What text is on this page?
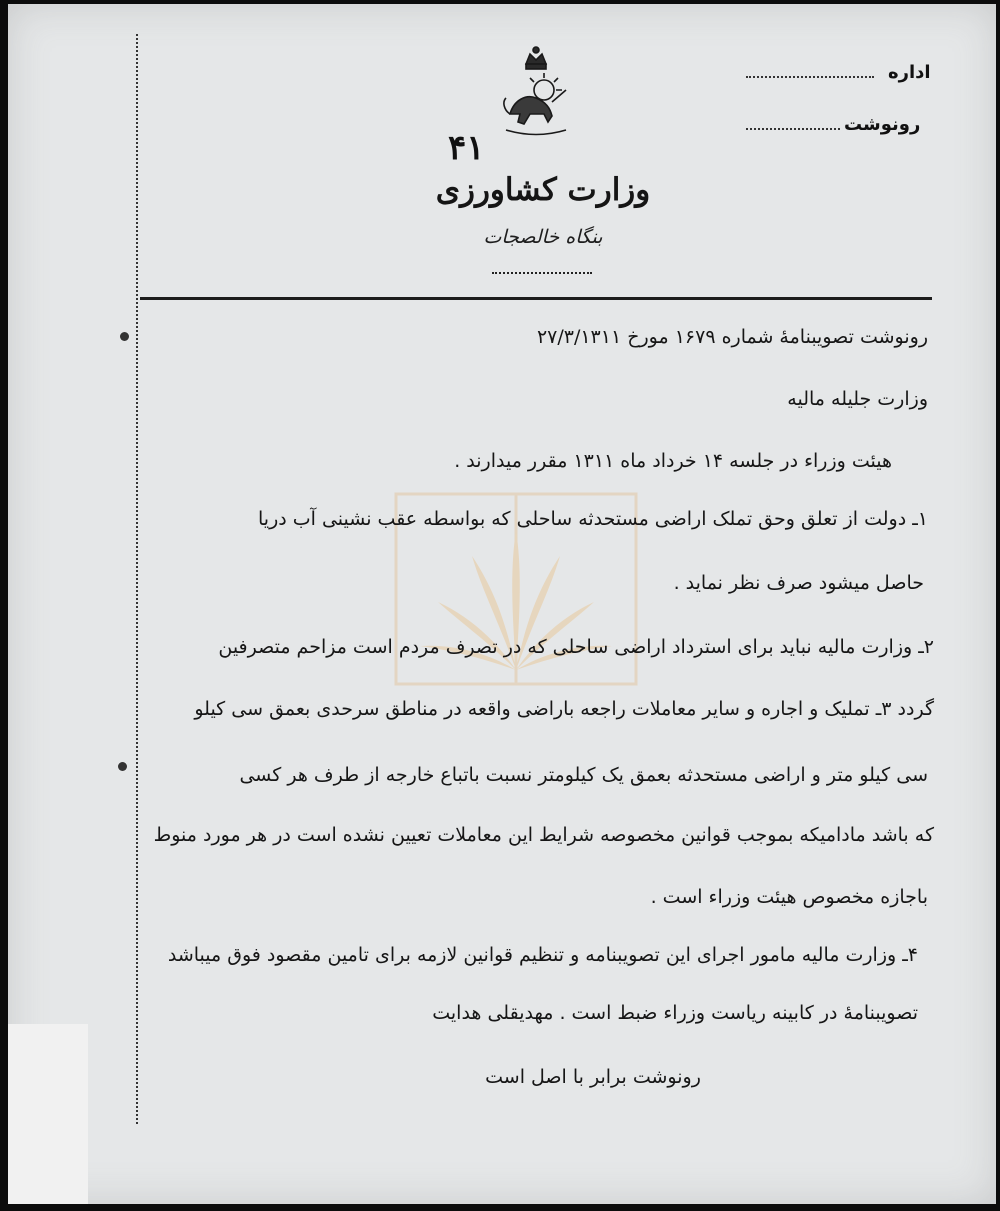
۴۱
وزارت کشاورزی
بنگاه خالصجات
اداره
رونوشت
رونوشت تصویبنامهٔ شماره ۱۶۷۹ مورخ ۲۷/۳/۱۳۱۱
وزارت جلیله مالیه
هیئت وزراء در جلسه ۱۴ خرداد ماه ۱۳۱۱ مقرر میدارند .
۱ـ دولت از تعلق وحق تملک اراضی مستحدثه ساحلی که بواسطه عقب نشینی آب دریا
حاصل میشود صرف نظر نماید .
۲ـ وزارت مالیه نباید برای استرداد اراضی ساحلی که در تصرف مردم است مزاحم متصرفین
گردد ۳ـ تملیک و اجاره و سایر معاملات راجعه باراضی واقعه در مناطق سرحدی بعمق سی کیلو
سی کیلو متر و اراضی مستحدثه بعمق یک کیلومتر نسبت باتباع خارجه از طرف هر کسی
که باشد مادامیکه بموجب قوانین مخصوصه شرایط این معاملات تعیین نشده است در هر مورد منوط
باجازه مخصوص هیئت وزراء است .
۴ـ وزارت مالیه مامور اجرای این تصویبنامه و تنظیم قوانین لازمه برای تامین مقصود فوق میباشد
تصویبنامهٔ در کابینه ریاست وزراء ضبط است . مهدیقلی هدایت
رونوشت برابر با اصل است
